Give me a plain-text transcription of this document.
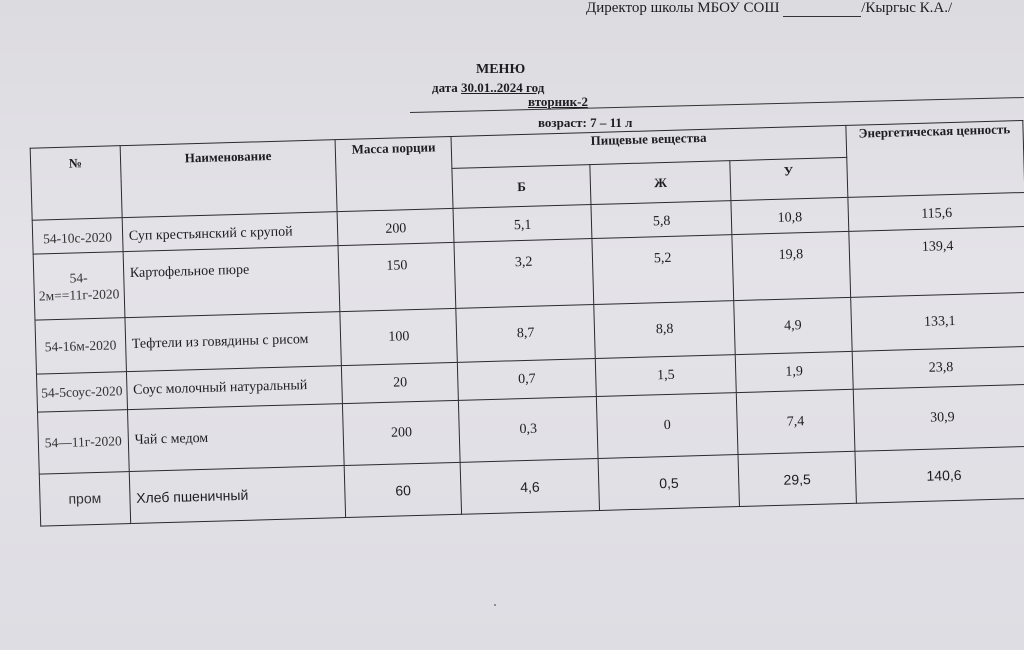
Директор школы МБОУ СОШ	/Кыргыс К.А./
МЕНЮ
дата 30.01..2024 год
вторник-2
возраст: 7 – 11 л
№	Наименование	Масса порции	Пищевые вещества			Энергетическая ценность
			Б	Ж	У	
54-10с-2020	Суп крестьянский с крупой	200	5,1	5,8	10,8	115,6
54-2м==11г-2020	Картофельное пюре	150	3,2	5,2	19,8	139,4
54-16м-2020	Тефтели из говядины с рисом	100	8,7	8,8	4,9	133,1
54-5соус-2020	Соус молочный натуральный	20	0,7	1,5	1,9	23,8
54—11г-2020	Чай с медом	200	0,3	0	7,4	30,9
пром	Хлеб пшеничный	60	4,6	0,5	29,5	140,6
